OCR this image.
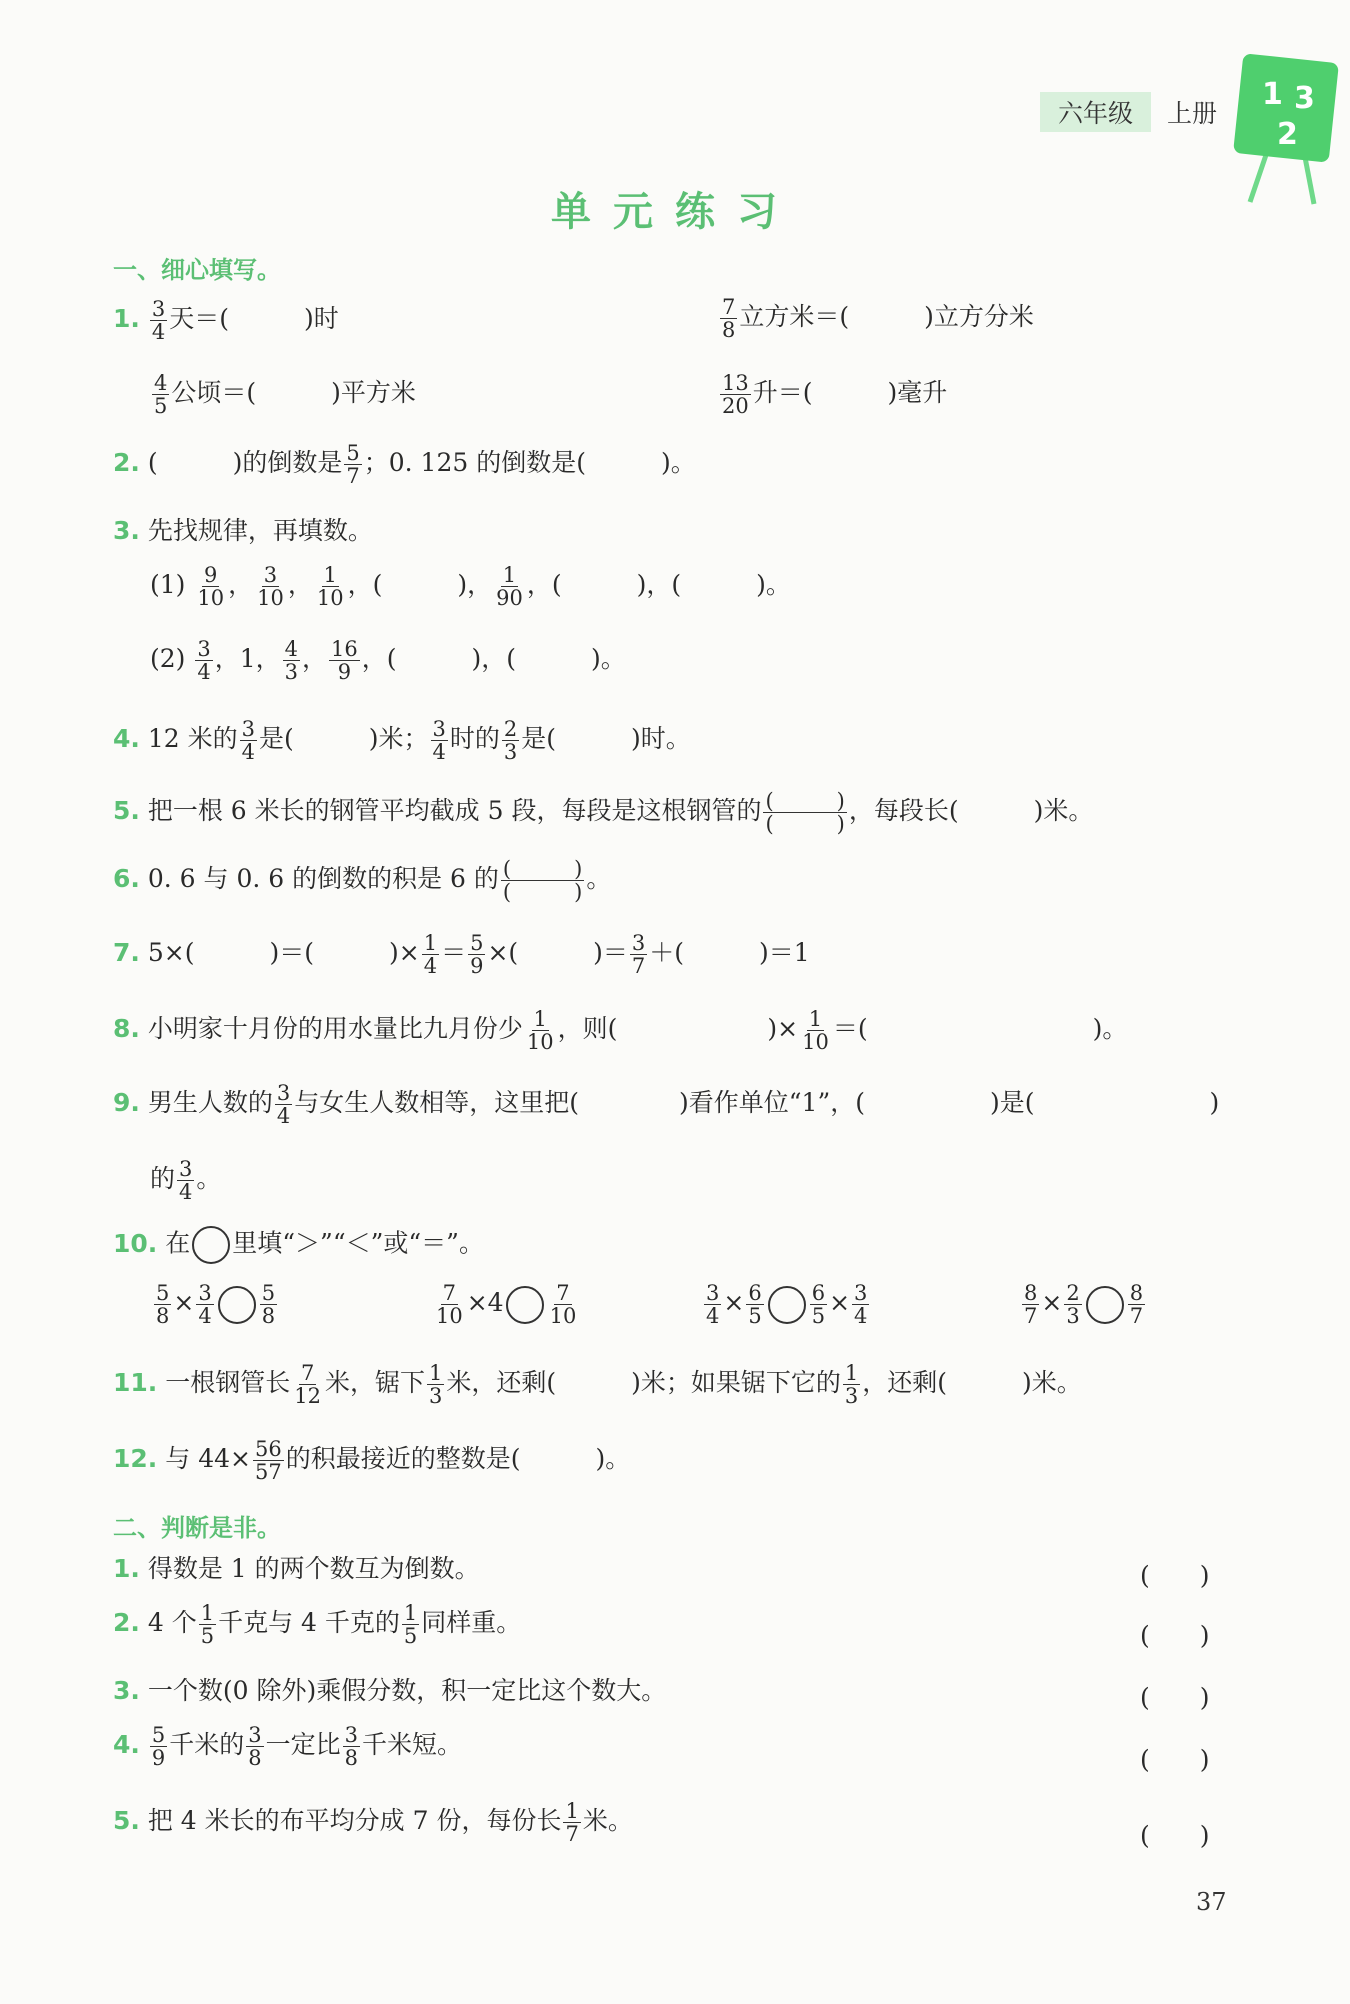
六年级 上册
1 3
2
单元练习
一、细心填写。
1. $\frac{3}{4}$ 天＝(　　　)时	$\frac{7}{8}$ 立方米＝(　　　)立方分米
$\frac{4}{5}$ 公顷＝(　　　)平方米	$\frac{13}{20}$ 升＝(　　　)毫升
2. (　　　)的倒数是 $\frac{5}{7}$ ；0. 125 的倒数是(　　　)。
3. 先找规律，再填数。
$(1) \frac{9}{10}$ ， $\frac{3}{10}$ ， $\frac{1}{10}$ ，(　　　)， $\frac{1}{90}$ ，(　　　)，(　　　)。
$(2) \frac{3}{4}$ ，1， $\frac{4}{3}$ ， $\frac{16}{9}$ ，(　　　)，(　　　)。
4. 12 米的 $\frac{3}{4}$ 是(　　　)米； $\frac{3}{4}$ 时的 $\frac{2}{3}$ 是(　　　)时。
5. 把一根 6 米长的钢管平均截成 5 段，每段是这根钢管的 $\frac{( )}{( )}$ ，每段长(　　　)米。
6. 0. 6 与 0. 6 的倒数的积是 6 的 $\frac{( )}{( )}$ 。
7. 5×(　　　)＝(　　　)× $\frac{1}{4} = \frac{5}{9}$ ×(　　　)＝ $\frac{3}{7}$ ＋(　　　)＝1
8. 小明家十月份的用水量比九月份少 $\frac{1}{10}$ ，则(　　　　　　)× $\frac{1}{10}$ ＝(　　　　　　　　　)。
9. 男生人数的 $\frac{3}{4}$ 与女生人数相等，这里把(　　　　)看作单位“1”，(　　　　　)是(　　　　　　　)
的 $\frac{3}{4}$ 。
10. 在 里填“＞”“＜”或“＝”。
$\frac{5}{8} \times \frac{3}{4} \frac{5}{8}$	$\frac{7}{10} \times 4 \frac{7}{10}$	$\frac{3}{4} \times \frac{6}{5} \frac{6}{5} \times \frac{3}{4}$	$\frac{8}{7} \times \frac{2}{3} \frac{8}{7}$
11. 一根钢管长 $\frac{7}{12}$ 米，锯下 $\frac{1}{3}$ 米，还剩(　　　)米；如果锯下它的 $\frac{1}{3}$ ，还剩(　　　)米。
12. 与 $44\times \frac{56}{57}$ 的积最接近的整数是(　　　)。
二、判断是非。
1. 得数是 1 的两个数互为倒数。	(　　)
2. 4 个 $\frac{1}{5}$ 千克与 4 千克的 $\frac{1}{5}$ 同样重。	(　　)
3. 一个数(0 除外)乘假分数，积一定比这个数大。	(　　)
4. $\frac{5}{9}$ 千米的 $\frac{3}{8}$ 一定比 $\frac{3}{8}$ 千米短。
(　　)
5. 把 4 米长的布平均分成 7 份，每份长 $\frac{1}{7}$ 米。
(　　)
37
